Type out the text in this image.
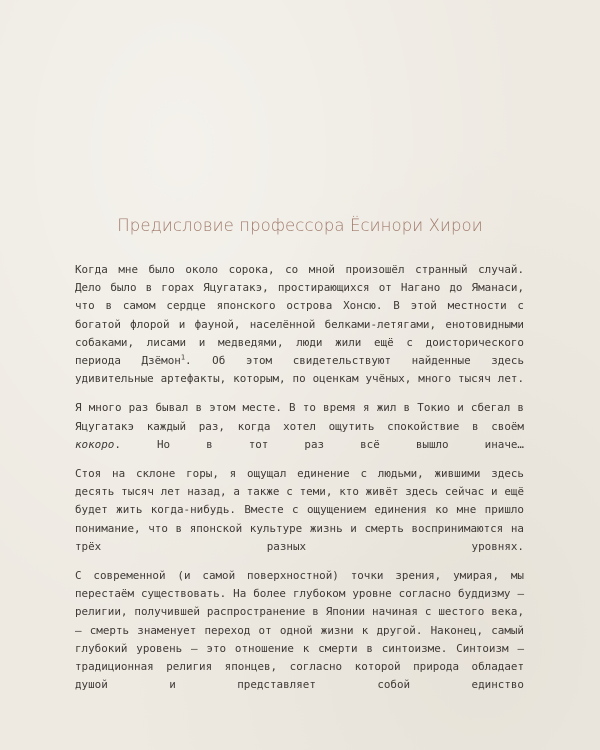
Предисловие профессора Ёсинори Хирои

Когда мне было около сорока, со мной произошёл странный случай.
Дело было в горах Яцугатакэ, простирающихся от Нагано до Яманаси, что в самом сердце японского острова Хонсю. В этой местности с богатой флорой и фауной, населённой белками-летягами, енотовидными собаками, лисами и медведями, люди жили ещё с доисторического периода Дзёмон$^1$. Об этом свидетельствуют найденные здесь удивительные артефакты, которым, по оценкам учёных, много тысяч лет.

Я много раз бывал в этом месте. В то время я жил в Токио и сбегал в Яцугатакэ каждый раз, когда хотел ощутить спокойствие в своём кокоро. Но в тот раз всё вышло иначе…

Стоя на склоне горы, я ощущал единение с людьми, жившими здесь десять тысяч лет назад, а также с теми, кто живёт здесь сейчас и ещё будет жить когда-нибудь. Вместе с ощущением единения ко мне пришло понимание, что в японской культуре жизнь и смерть воспринимаются на трёх разных уровнях.

С современной (и самой поверхностной) точки зрения, умирая, мы перестаём существовать. На более глубоком уровне согласно буддизму — религии, получившей распространение в Японии начиная с шестого века, — смерть знаменует переход от одной жизни к другой. Наконец, самый глубокий уровень — это отношение к смерти в синтоизме. Синтоизм — традиционная религия японцев, согласно которой природа обладает душой и представляет собой единство
